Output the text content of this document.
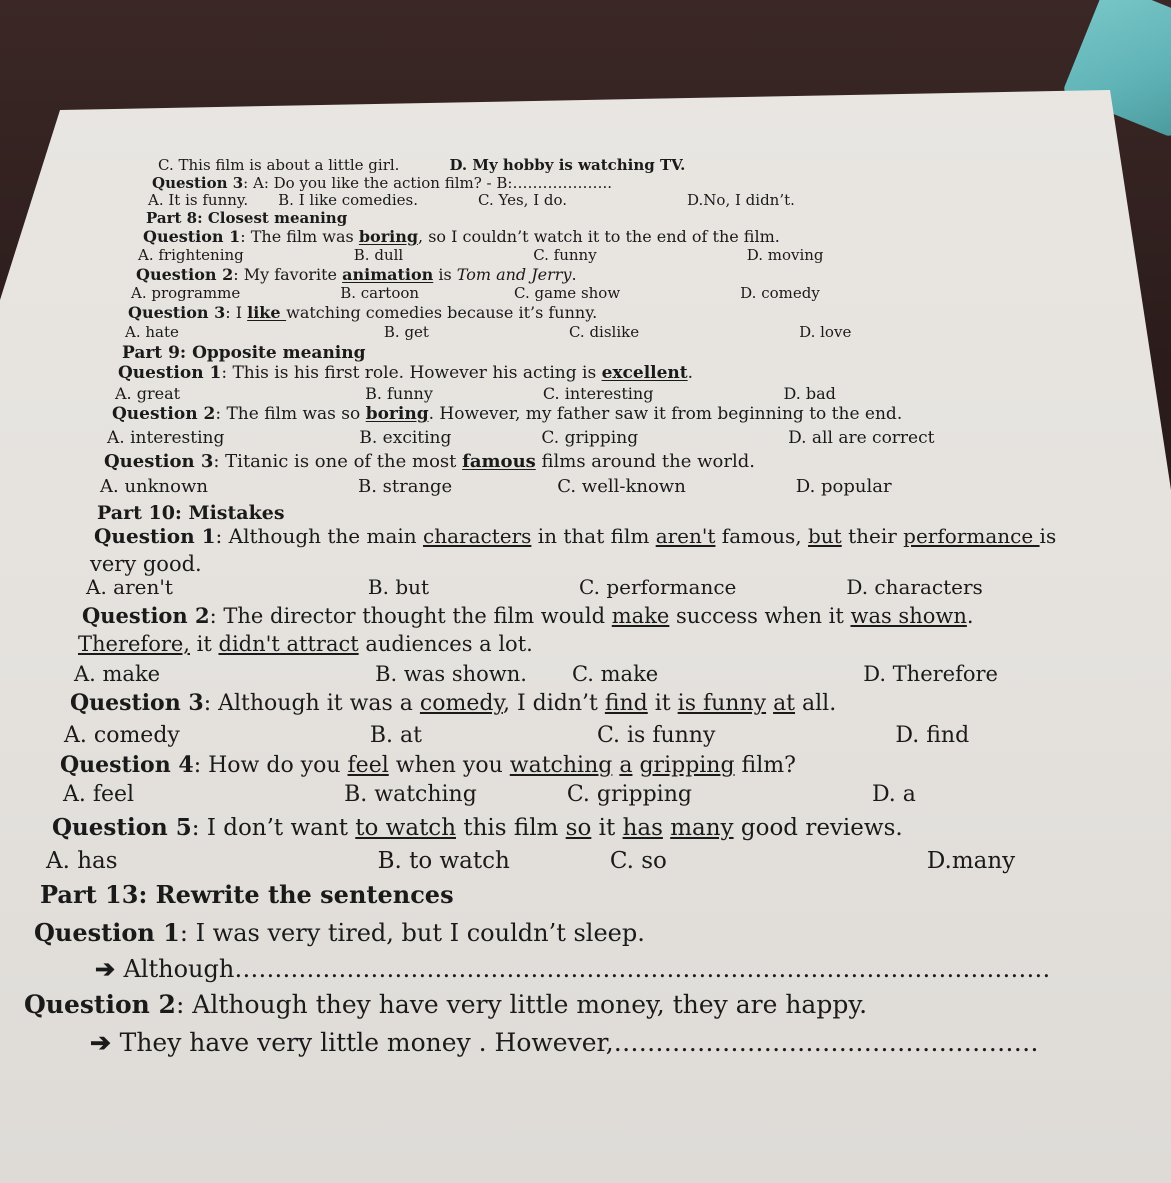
C. This film is about a little girl.	D. My hobby is watching TV.
Question 3: A: Do you like the action film? - B:………………..
A. It is funny. B. I like comedies.	C. Yes, I do.	D.No, I didn’t.
Part 8: Closest meaning
Question 1: The film was boring, so I couldn’t watch it to the end of the film.
A. frightening	B. dull	C. funny	D. moving
Question 2: My favorite animation is Tom and Jerry.
A. programme	B. cartoon	C. game show	D. comedy
Question 3: I like watching comedies because it’s funny.
A. hate	B. get	C. dislike	D. love
Part 9: Opposite meaning
Question 1: This is his first role. However his acting is excellent.
A. great	B. funny	C. interesting	D. bad
Question 2: The film was so boring. However, my father saw it from beginning to the end.
A. interesting	B. exciting	C. gripping	D. all are correct
Question 3: Titanic is one of the most famous films around the world.
A. unknown	B. strange	C. well-known	D. popular
Part 10: Mistakes
Question 1: Although the main characters in that film aren't famous, but their performance is
very good.
A. aren't	B. but	C. performance	D. characters
Question 2: The director thought the film would make success when it was shown.
Therefore, it didn't attract audiences a lot.
A. make	B. was shown. C. make	D. Therefore
Question 3: Although it was a comedy, I didn’t find it is funny at all.
A. comedy	B. at	C. is funny	D. find
Question 4: How do you feel when you watching a gripping film?
A. feel	B. watching	C. gripping	D. a
Question 5: I don’t want to watch this film so it has many good reviews.
A. has	B. to watch	C. so	D.many
Part 13: Rewrite the sentences
Question 1: I was very tired, but I couldn’t sleep.
➔ Although…………………………………………………………………………………………
Question 2: Although they have very little money, they are happy.
➔ They have very little money . However,……………………………………………
